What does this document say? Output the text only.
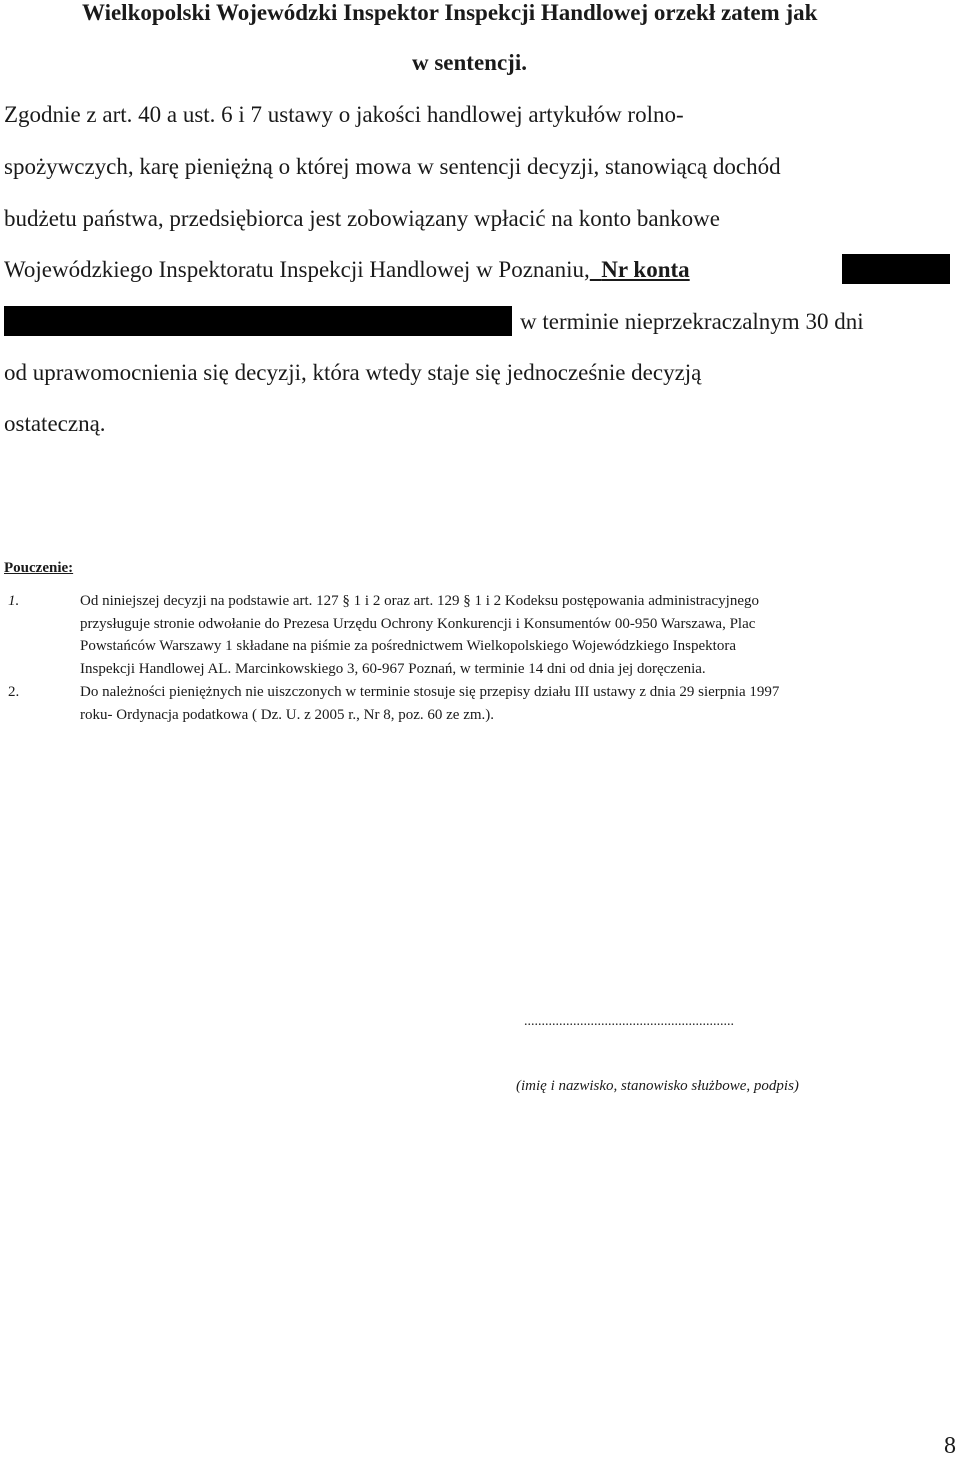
Wielkopolski Wojewódzki Inspektor Inspekcji Handlowej orzekł zatem jak
w sentencji.
Zgodnie z art. 40 a ust. 6 i 7 ustawy o jakości handlowej artykułów rolno-
spożywczych, karę pieniężną o której mowa w sentencji decyzji, stanowiącą dochód
budżetu państwa, przedsiębiorca jest zobowiązany wpłacić na konto bankowe
Wojewódzkiego Inspektoratu Inspekcji Handlowej w Poznaniu, Nr konta
w terminie nieprzekraczalnym 30 dni
od uprawomocnienia się decyzji, która wtedy staje się jednocześnie decyzją
ostateczną.
Pouczenie:
1.	Od niniejszej decyzji na podstawie art. 127 § 1 i 2 oraz art. 129 § 1 i 2 Kodeksu postępowania administracyjnego
przysługuje stronie odwołanie do Prezesa Urzędu Ochrony Konkurencji i Konsumentów 00-950 Warszawa, Plac
Powstańców Warszawy 1 składane na piśmie za pośrednictwem Wielkopolskiego Wojewódzkiego Inspektora
Inspekcji Handlowej AL. Marcinkowskiego 3, 60-967 Poznań, w terminie 14 dni od dnia jej doręczenia.
2.	Do należności pieniężnych nie uiszczonych w terminie stosuje się przepisy działu III ustawy z dnia 29 sierpnia 1997
roku- Ordynacja podatkowa ( Dz. U. z 2005 r., Nr 8, poz. 60 ze zm.).
............................................................
(imię i nazwisko, stanowisko służbowe, podpis)
8
